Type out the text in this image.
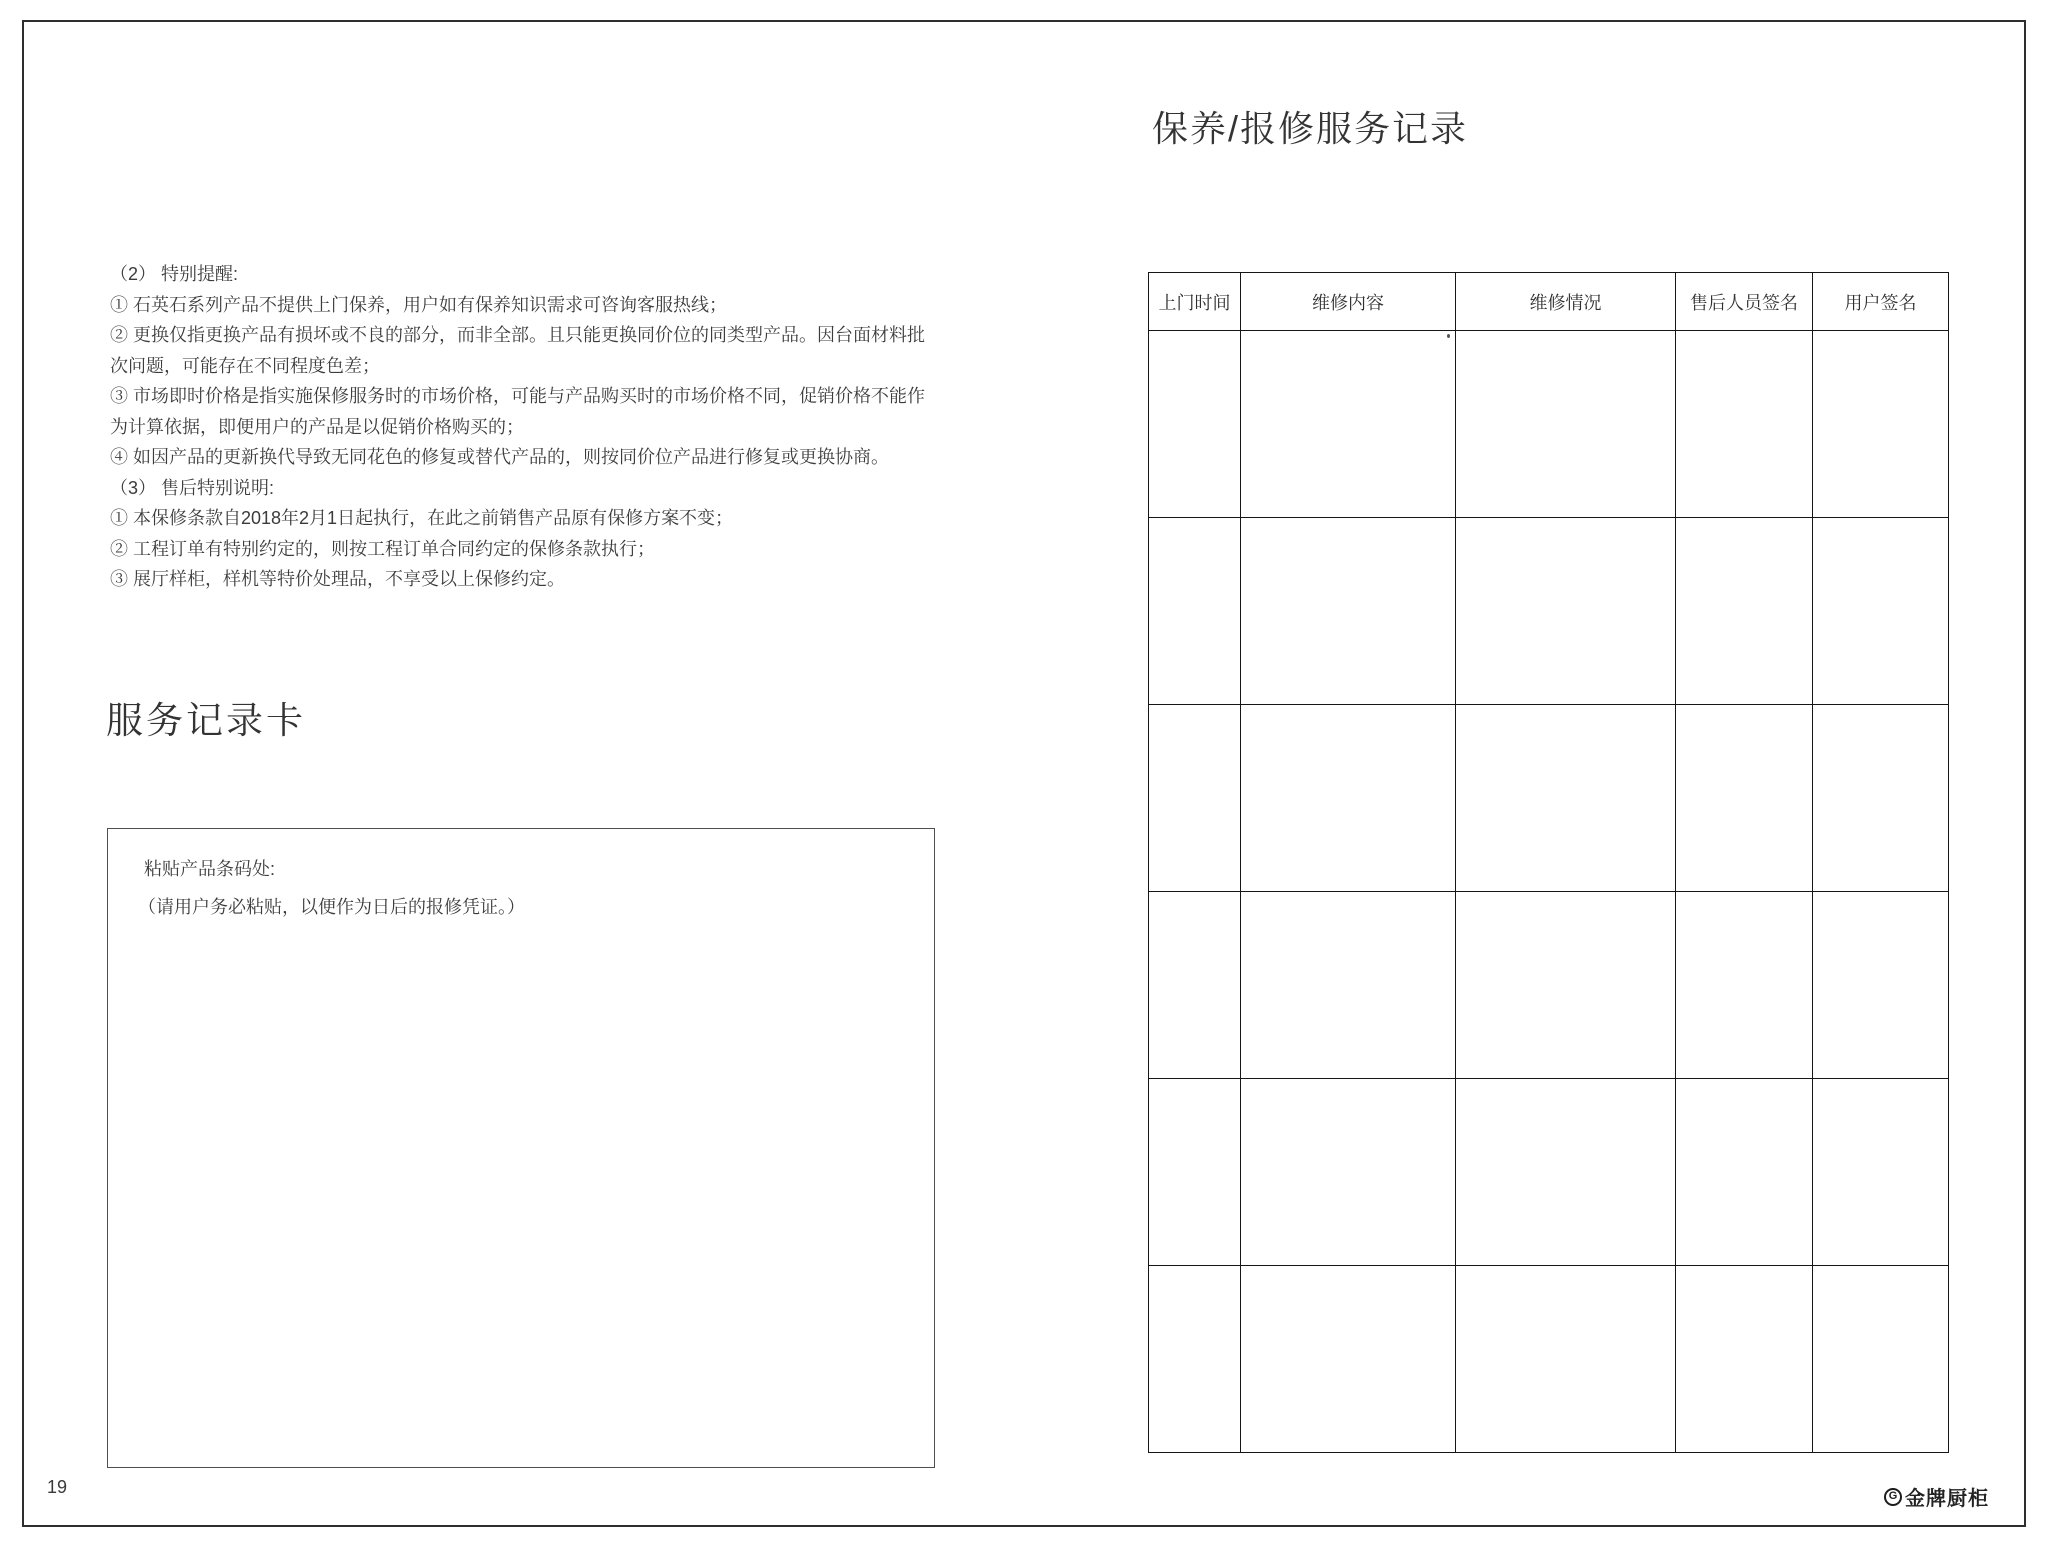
（2） 特别提醒:
① 石英石系列产品不提供上门保养，用户如有保养知识需求可咨询客服热线；
② 更换仅指更换产品有损坏或不良的部分，而非全部。且只能更换同价位的同类型产品。因台面材料批
次问题，可能存在不同程度色差；
③ 市场即时价格是指实施保修服务时的市场价格，可能与产品购买时的市场价格不同，促销价格不能作
为计算依据，即便用户的产品是以促销价格购买的；
④ 如因产品的更新换代导致无同花色的修复或替代产品的，则按同价位产品进行修复或更换协商。
（3） 售后特别说明:
① 本保修条款自2018年2月1日起执行，在此之前销售产品原有保修方案不变；
② 工程订单有特别约定的，则按工程订单合同约定的保修条款执行；
③ 展厅样柜，样机等特价处理品，不享受以上保修约定。
服务记录卡
粘贴产品条码处:
（请用户务必粘贴，以便作为日后的报修凭证。）
保养/报修服务记录
上门时间	维修内容	维修情况	售后人员签名	用户签名

19	G 金牌厨柜
